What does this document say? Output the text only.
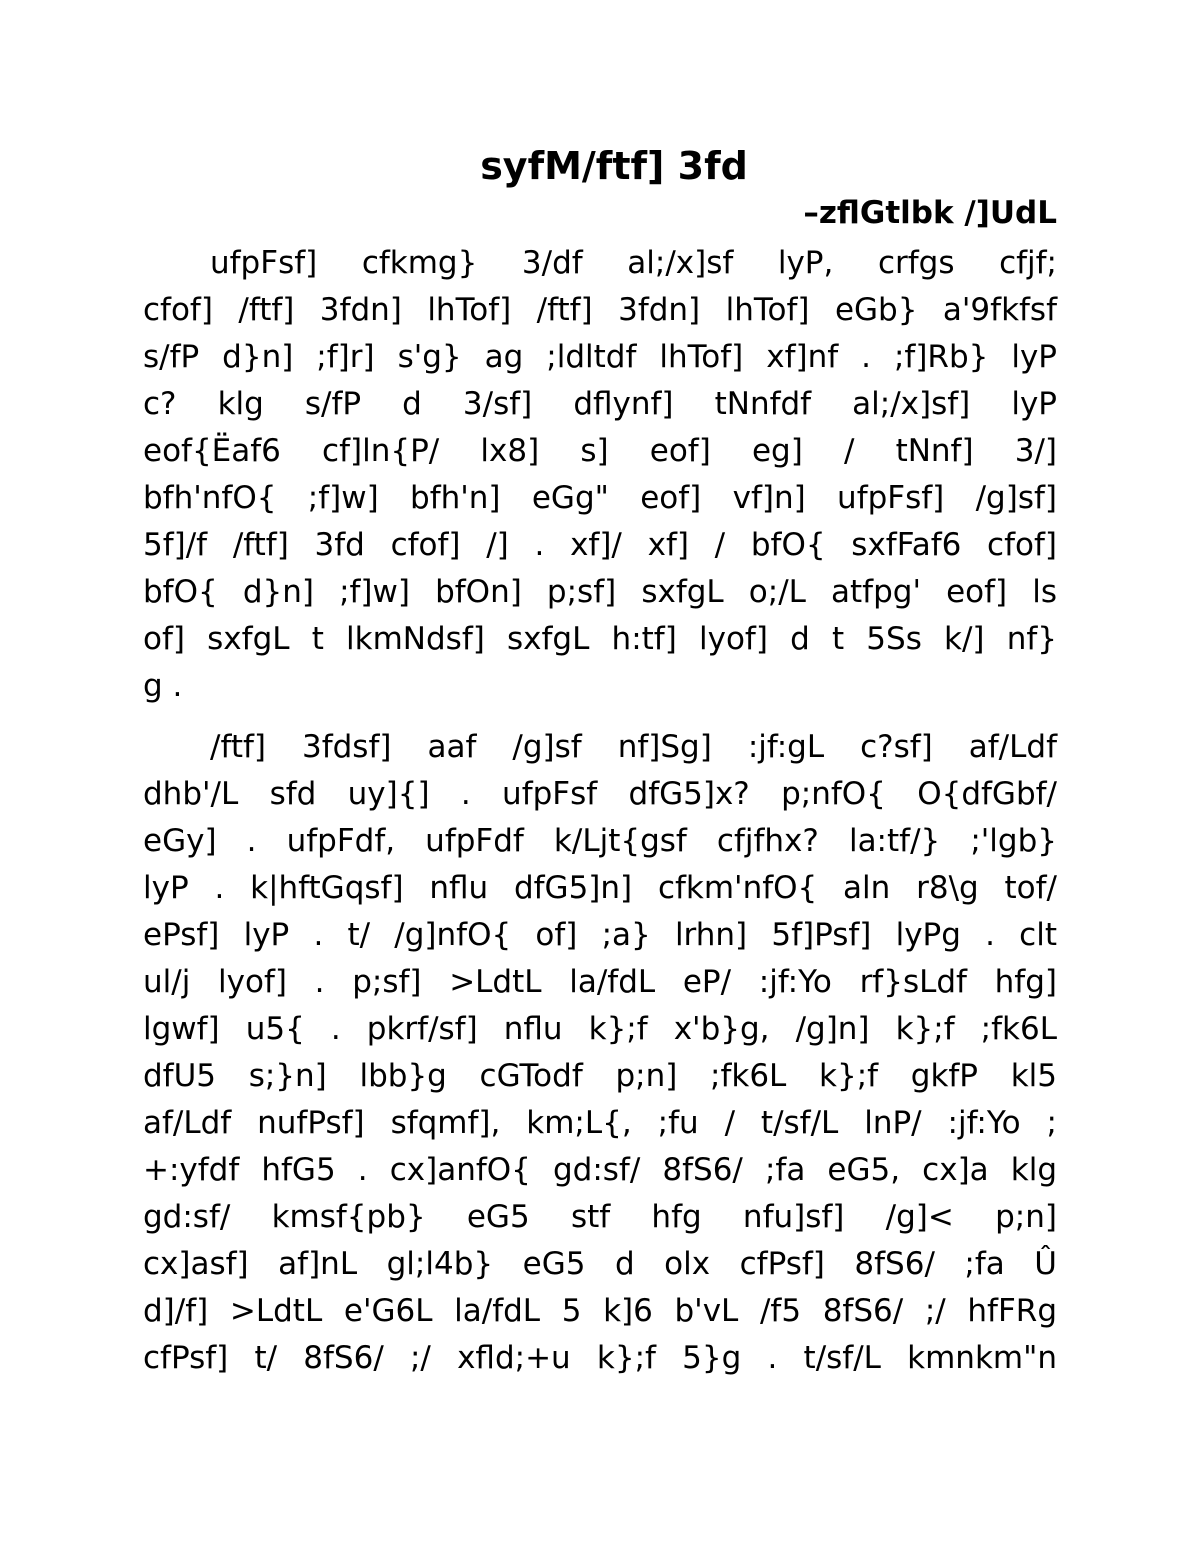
syfM/ftf] 3fd
–zflGtlbk /]UdL

ufpFsf] cfkmg} 3/df al;/x]sf lyP, crfgs cfjf;
cfof] /ftf] 3fdn] lhTof] /ftf] 3fdn] lhTof] eGb} a'9fkfsf
s/fP d}n] ;f]r] s'g} ag ;ldltdf lhTof] xf]nf . ;f]Rb} lyP
c? klg s/fP d 3/sf] dflynf] tNnfdf al;/x]sf] lyP
eof{Ëaf6 cf]ln{P/ lx8] s] eof] eg] / tNnf] 3/]
bfh'nfO{ ;f]w] bfh'n] eGg" eof] vf]n] ufpFsf] /g]sf]
5f]/f /ftf] 3fd cfof] /] . xf]/ xf] / bfO{ sxfFaf6 cfof]
bfO{ d}n] ;f]w] bfOn] p;sf] sxfgL o;/L atfpg' eof] ls
of] sxfgL t lkmNdsf] sxfgL h:tf] lyof] d t 5Ss k/] nf}
g .

/ftf] 3fdsf] aaf /g]sf nf]Sg] :jf:gL c?sf] af/Ldf
dhb'/L sfd uy]{] . ufpFsf dfG5]x? p;nfO{ O{dfGbf/
eGy] . ufpFdf, ufpFdf k/Ljt{gsf cfjfhx? la:tf/} ;'lgb}
lyP . k|hftGqsf] nflu dfG5]n] cfkm'nfO{ aln r8\g tof/
ePsf] lyP . t/ /g]nfO{ of] ;a} lrhn] 5f]Psf] lyPg . clt
ul/j lyof] . p;sf] >LdtL la/fdL eP/ :jf:Yo rf}sLdf hfg]
lgwf] u5{ . pkrf/sf] nflu k};f x'b}g, /g]n] k};f ;fk6L
dfU5 s;}n] lbb}g cGTodf p;n] ;fk6L k};f gkfP kl5
af/Ldf nufPsf] sfqmf], km;L{, ;fu / t/sf/L lnP/ :jf:Yo ;
+:yfdf hfG5 . cx]anfO{ gd:sf/ 8fS6/ ;fa eG5, cx]a klg
gd:sf/ kmsf{pb} eG5 stf hfg nfu]sf] /g]< p;n]
cx]asf] af]nL gl;l4b} eG5 d olx cfPsf] 8fS6/ ;fa Û
d]/f] >LdtL e'G6L la/fdL 5 k]6 b'vL /f5 8fS6/ ;/ hfFRg
cfPsf] t/ 8fS6/ ;/ xfld;+u k};f 5}g . t/sf/L kmnkm"n
